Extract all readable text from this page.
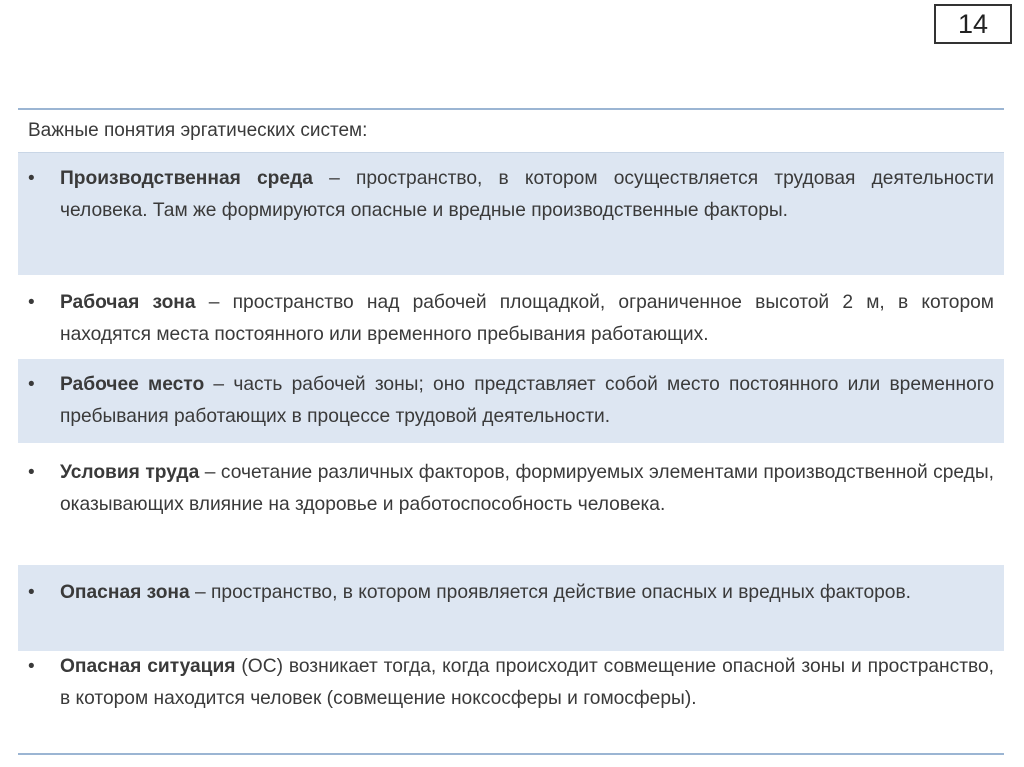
14
Важные понятия эргатических систем:
•	Производственная среда – пространство, в котором осуществляется трудовая деятельности человека. Там же формируются опасные и вредные производственные факторы.
•	Рабочая зона – пространство над рабочей площадкой, ограниченное высотой 2 м, в котором находятся места постоянного или временного пребывания работающих.
•	Рабочее место – часть рабочей зоны; оно представляет собой место постоянного или временного пребывания работающих в процессе трудовой деятельности.
•	Условия труда – сочетание различных факторов, формируемых элементами производственной среды, оказывающих влияние на здоровье и работоспособность человека.
•	Опасная зона – пространство, в котором проявляется действие опасных и вредных факторов.
•	Опасная ситуация (ОС) возникает тогда, когда происходит совмещение опасной зоны и пространство, в котором находится человек (совмещение ноксосферы и гомосферы).
